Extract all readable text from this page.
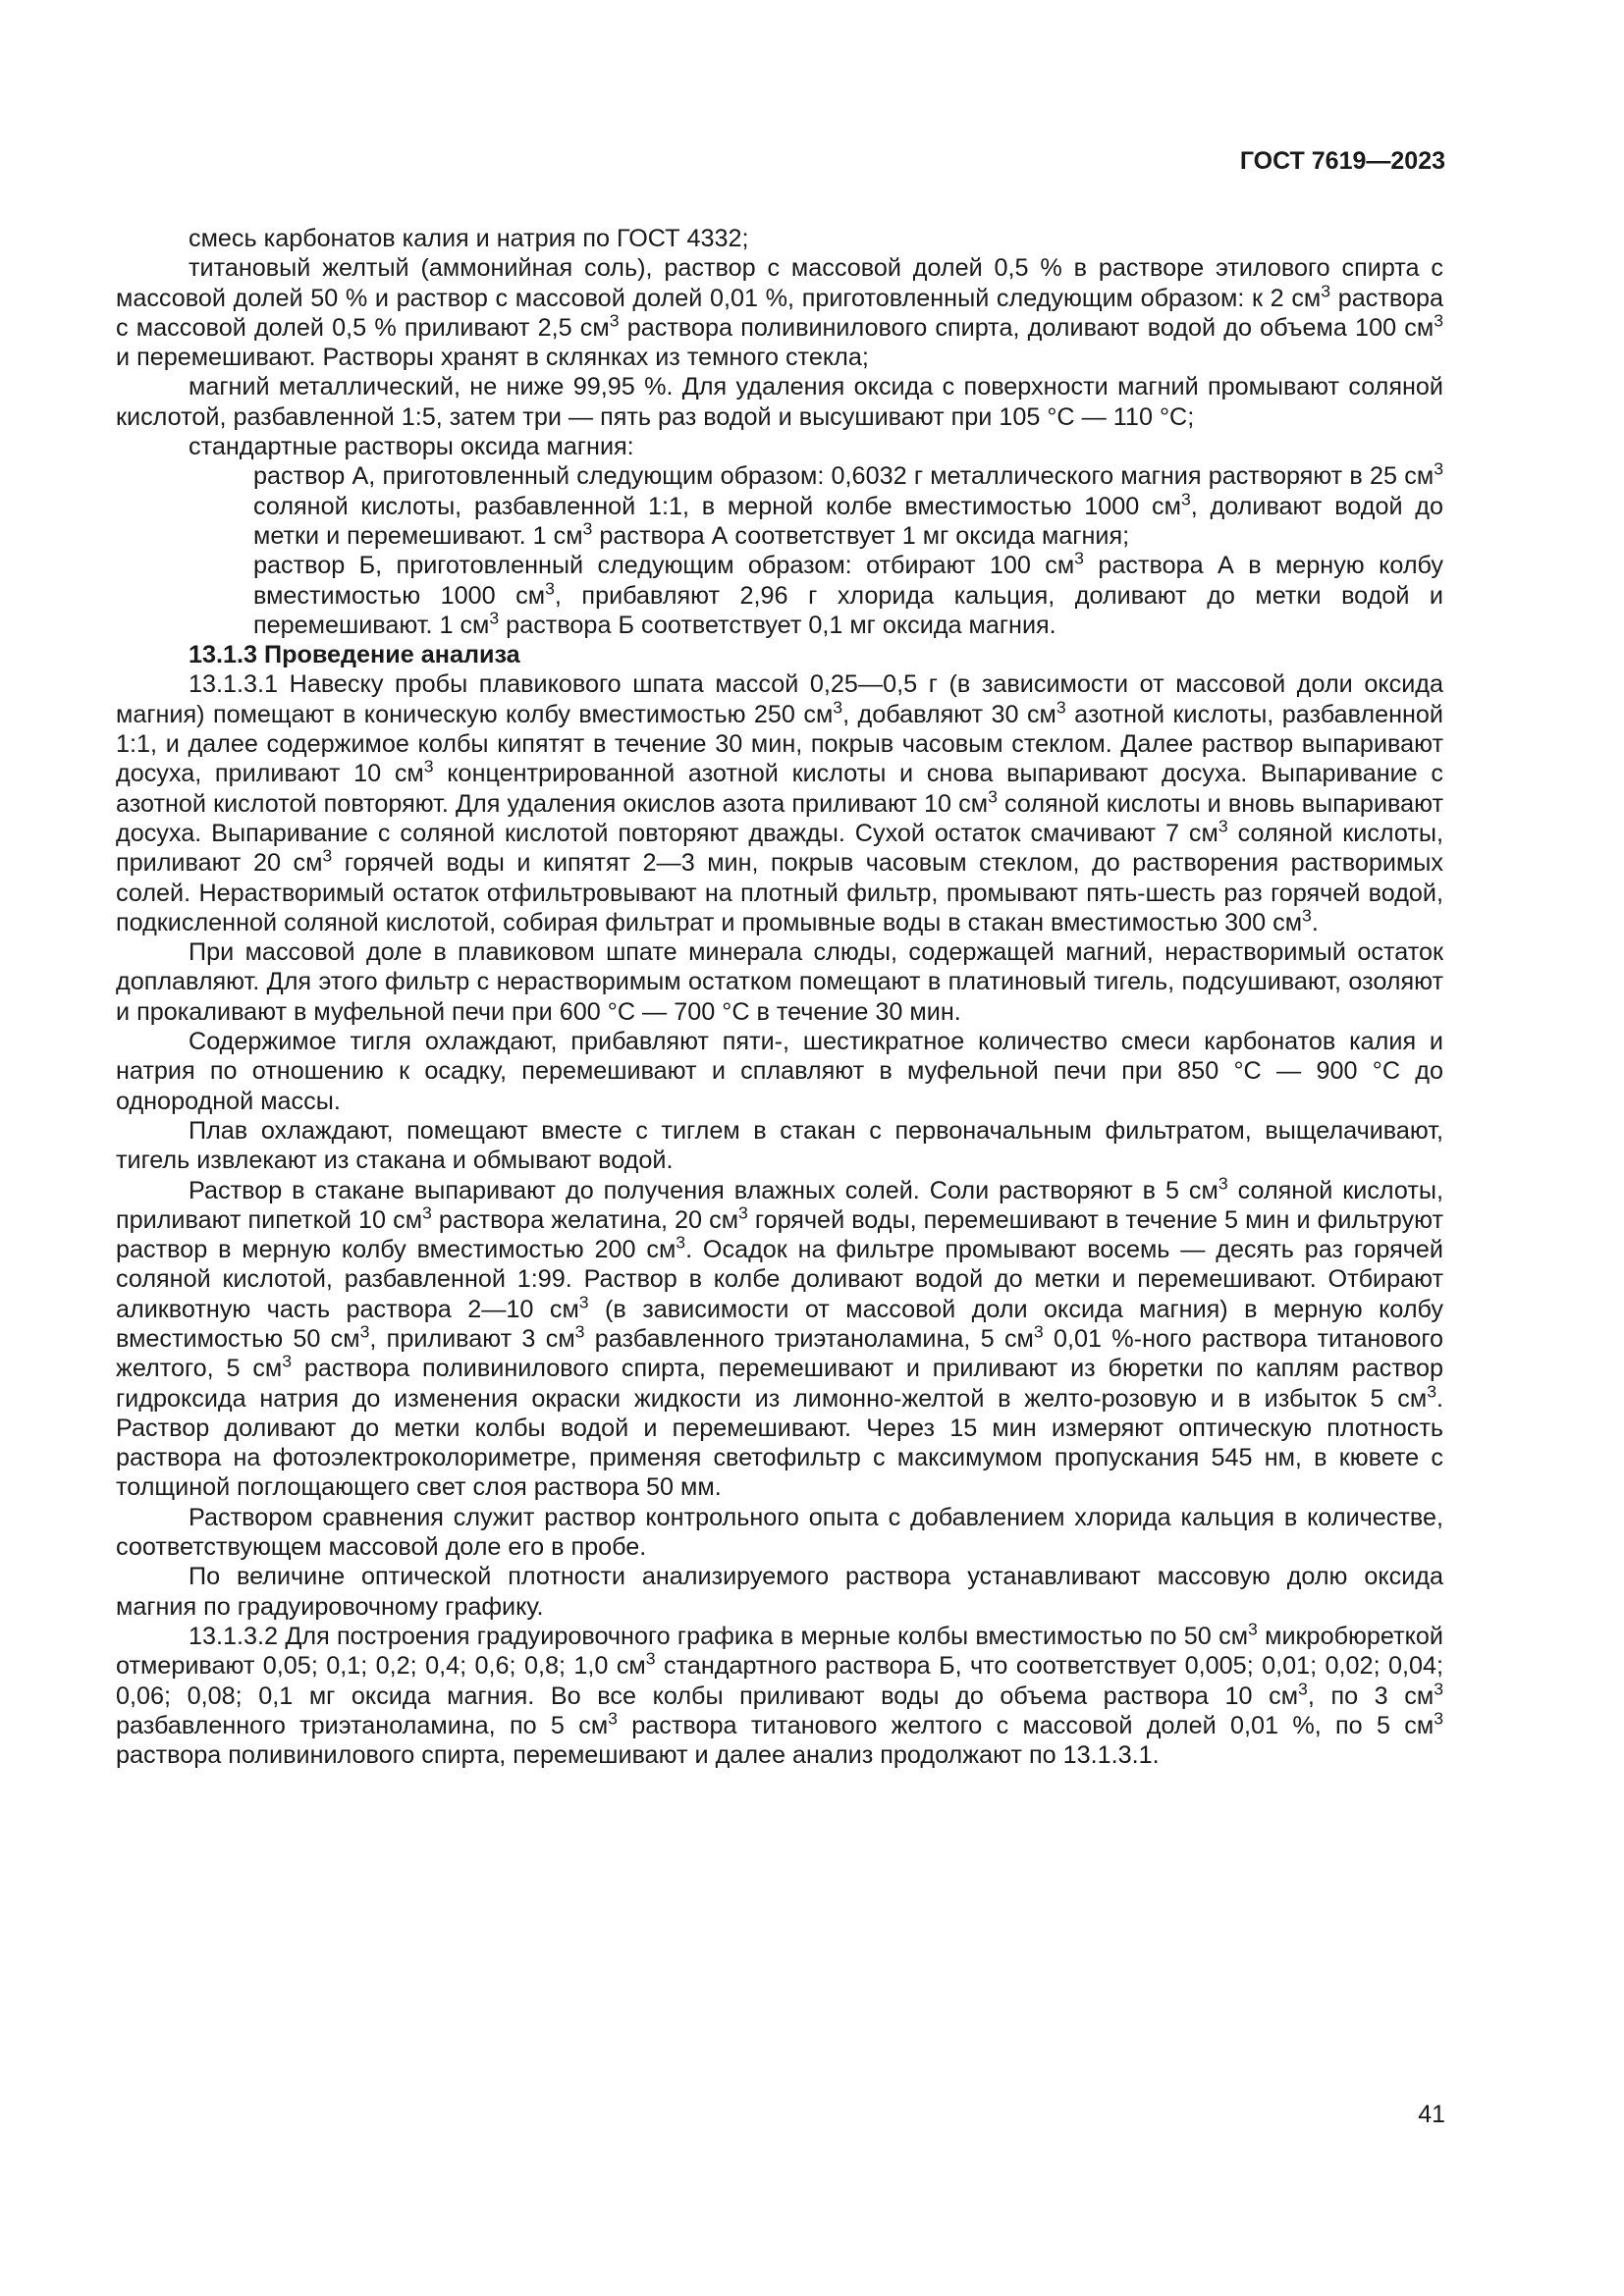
ГОСТ 7619—2023

смесь карбонатов калия и натрия по ГОСТ 4332;

титановый желтый (аммонийная соль), раствор с массовой долей 0,5 % в растворе этилового спирта с массовой долей 50 % и раствор с массовой долей 0,01 %, приготовленный следующим образом: к 2 $см^3$ раствора с массовой долей 0,5 % приливают 2,5 $см^3$ раствора поливинилового спирта, доливают водой до объема 100 $см^3$ и перемешивают. Растворы хранят в склянках из темного стекла;

магний металлический, не ниже 99,95 %. Для удаления оксида с поверхности магний промывают соляной кислотой, разбавленной 1:5, затем три — пять раз водой и высушивают при 105 °С — 110 °С;

стандартные растворы оксида магния:

раствор А, приготовленный следующим образом: 0,6032 г металлического магния растворяют в 25 $см^3$ соляной кислоты, разбавленной 1:1, в мерной колбе вместимостью 1000 $см^3$, доливают водой до метки и перемешивают. 1 $см^3$ раствора А соответствует 1 мг оксида магния;

раствор Б, приготовленный следующим образом: отбирают 100 $см^3$ раствора А в мерную колбу вместимостью 1000 $см^3$, прибавляют 2,96 г хлорида кальция, доливают до метки водой и перемешивают. 1 $см^3$ раствора Б соответствует 0,1 мг оксида магния.

13.1.3 Проведение анализа

13.1.3.1 Навеску пробы плавикового шпата массой 0,25—0,5 г (в зависимости от массовой доли оксида магния) помещают в коническую колбу вместимостью 250 $см^3$, добавляют 30 $см^3$ азотной кислоты, разбавленной 1:1, и далее содержимое колбы кипятят в течение 30 мин, покрыв часовым стеклом. Далее раствор выпаривают досуха, приливают 10 $см^3$ концентрированной азотной кислоты и снова выпаривают досуха. Выпаривание с азотной кислотой повторяют. Для удаления окислов азота приливают 10 $см^3$ соляной кислоты и вновь выпаривают досуха. Выпаривание с соляной кислотой повторяют дважды. Сухой остаток смачивают 7 $см^3$ соляной кислоты, приливают 20 $см^3$ горячей воды и кипятят 2—3 мин, покрыв часовым стеклом, до растворения растворимых солей. Нерастворимый остаток отфильтровывают на плотный фильтр, промывают пять-шесть раз горячей водой, подкисленной соляной кислотой, собирая фильтрат и промывные воды в стакан вместимостью 300 $см^3$.

При массовой доле в плавиковом шпате минерала слюды, содержащей магний, нерастворимый остаток доплавляют. Для этого фильтр с нерастворимым остатком помещают в платиновый тигель, подсушивают, озоляют и прокаливают в муфельной печи при 600 °С — 700 °С в течение 30 мин.

Содержимое тигля охлаждают, прибавляют пяти-, шестикратное количество смеси карбонатов калия и натрия по отношению к осадку, перемешивают и сплавляют в муфельной печи при 850 °С — 900 °С до однородной массы.

Плав охлаждают, помещают вместе с тиглем в стакан с первоначальным фильтратом, выщелачивают, тигель извлекают из стакана и обмывают водой.

Раствор в стакане выпаривают до получения влажных солей. Соли растворяют в 5 $см^3$ соляной кислоты, приливают пипеткой 10 $см^3$ раствора желатина, 20 $см^3$ горячей воды, перемешивают в течение 5 мин и фильтруют раствор в мерную колбу вместимостью 200 $см^3$. Осадок на фильтре промывают восемь — десять раз горячей соляной кислотой, разбавленной 1:99. Раствор в колбе доливают водой до метки и перемешивают. Отбирают аликвотную часть раствора 2—10 $см^3$ (в зависимости от массовой доли оксида магния) в мерную колбу вместимостью 50 $см^3$, приливают 3 $см^3$ разбавленного триэтаноламина, 5 $см^3$ 0,01 %-ного раствора титанового желтого, 5 $см^3$ раствора поливинилового спирта, перемешивают и приливают из бюретки по каплям раствор гидроксида натрия до изменения окраски жидкости из лимонно-желтой в желто-розовую и в избыток 5 $см^3$. Раствор доливают до метки колбы водой и перемешивают. Через 15 мин измеряют оптическую плотность раствора на фотоэлектроколориметре, применяя светофильтр с максимумом пропускания 545 нм, в кювете с толщиной поглощающего свет слоя раствора 50 мм.

Раствором сравнения служит раствор контрольного опыта с добавлением хлорида кальция в количестве, соответствующем массовой доле его в пробе.

По величине оптической плотности анализируемого раствора устанавливают массовую долю оксида магния по градуировочному графику.

13.1.3.2 Для построения градуировочного графика в мерные колбы вместимостью по 50 $см^3$ микробюреткой отмеривают 0,05; 0,1; 0,2; 0,4; 0,6; 0,8; 1,0 $см^3$ стандартного раствора Б, что соответствует 0,005; 0,01; 0,02; 0,04; 0,06; 0,08; 0,1 мг оксида магния. Во все колбы приливают воды до объема раствора 10 $см^3$, по 3 $см^3$ разбавленного триэтаноламина, по 5 $см^3$ раствора титанового желтого с массовой долей 0,01 %, по 5 $см^3$ раствора поливинилового спирта, перемешивают и далее анализ продолжают по 13.1.3.1.

41
